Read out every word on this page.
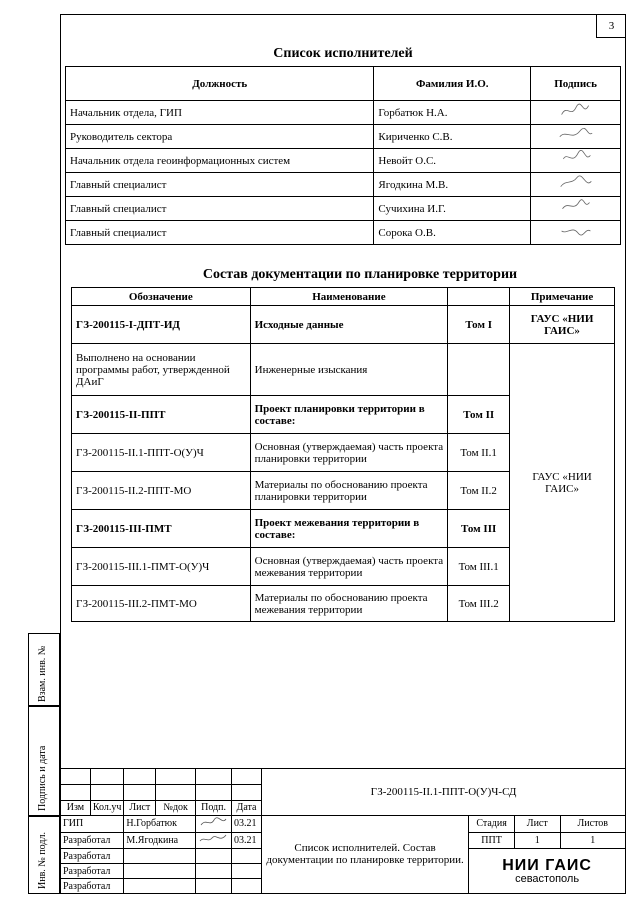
3
Список исполнителей
Должность	Фамилия И.О.	Подпись
Начальник отдела, ГИП	Горбатюк Н.А.	
Руководитель сектора	Кириченко С.В.	
Начальник отдела геоинформационных систем	Невойт О.С.	
Главный специалист	Ягодкина М.В.	
Главный специалист	Сучихина И.Г.	
Главный специалист	Сорока О.В.	
Состав документации по планировке территории
Обозначение	Наименование		Примечание
ГЗ-200115-I-ДПТ-ИД	Исходные данные	Том I	ГАУС «НИИ ГАИС»
Выполнено на основании программы работ, утвержденной ДАиГ	Инженерные изыскания		ГАУС «НИИ ГАИС»
ГЗ-200115-II-ППТ	Проект планировки территории в составе:	Том II	
ГЗ-200115-II.1-ППТ-О(У)Ч	Основная (утверждаемая) часть проекта планировки территории	Том II.1	
ГЗ-200115-II.2-ППТ-МО	Материалы по обоснованию проекта планировки территории	Том II.2	
ГЗ-200115-III-ПМТ	Проект межевания территории в составе:	Том III	
ГЗ-200115-III.1-ПМТ-О(У)Ч	Основная (утверждаемая) часть проекта межевания территории	Том III.1	
ГЗ-200115-III.2-ПМТ-МО	Материалы по обоснованию проекта межевания территории	Том III.2	
Взам. инв. №
Подпись и дата
Инв. № подл.
						ГЗ-200115-II.1-ППТ-О(У)Ч-СД			

Изм	Кол.уч	Лист	№док	Подп.	Дата				
ГИП		Н.Горбатюк			03.21	Список исполнителей. Состав документации по планировке территории.	Стадия	Лист	Листов
Разработал		М.Ягодкина			03.21		ППТ	1	1
Разработал							НИИ ГАИС
севастополь		

Разработал									
Разработал									
